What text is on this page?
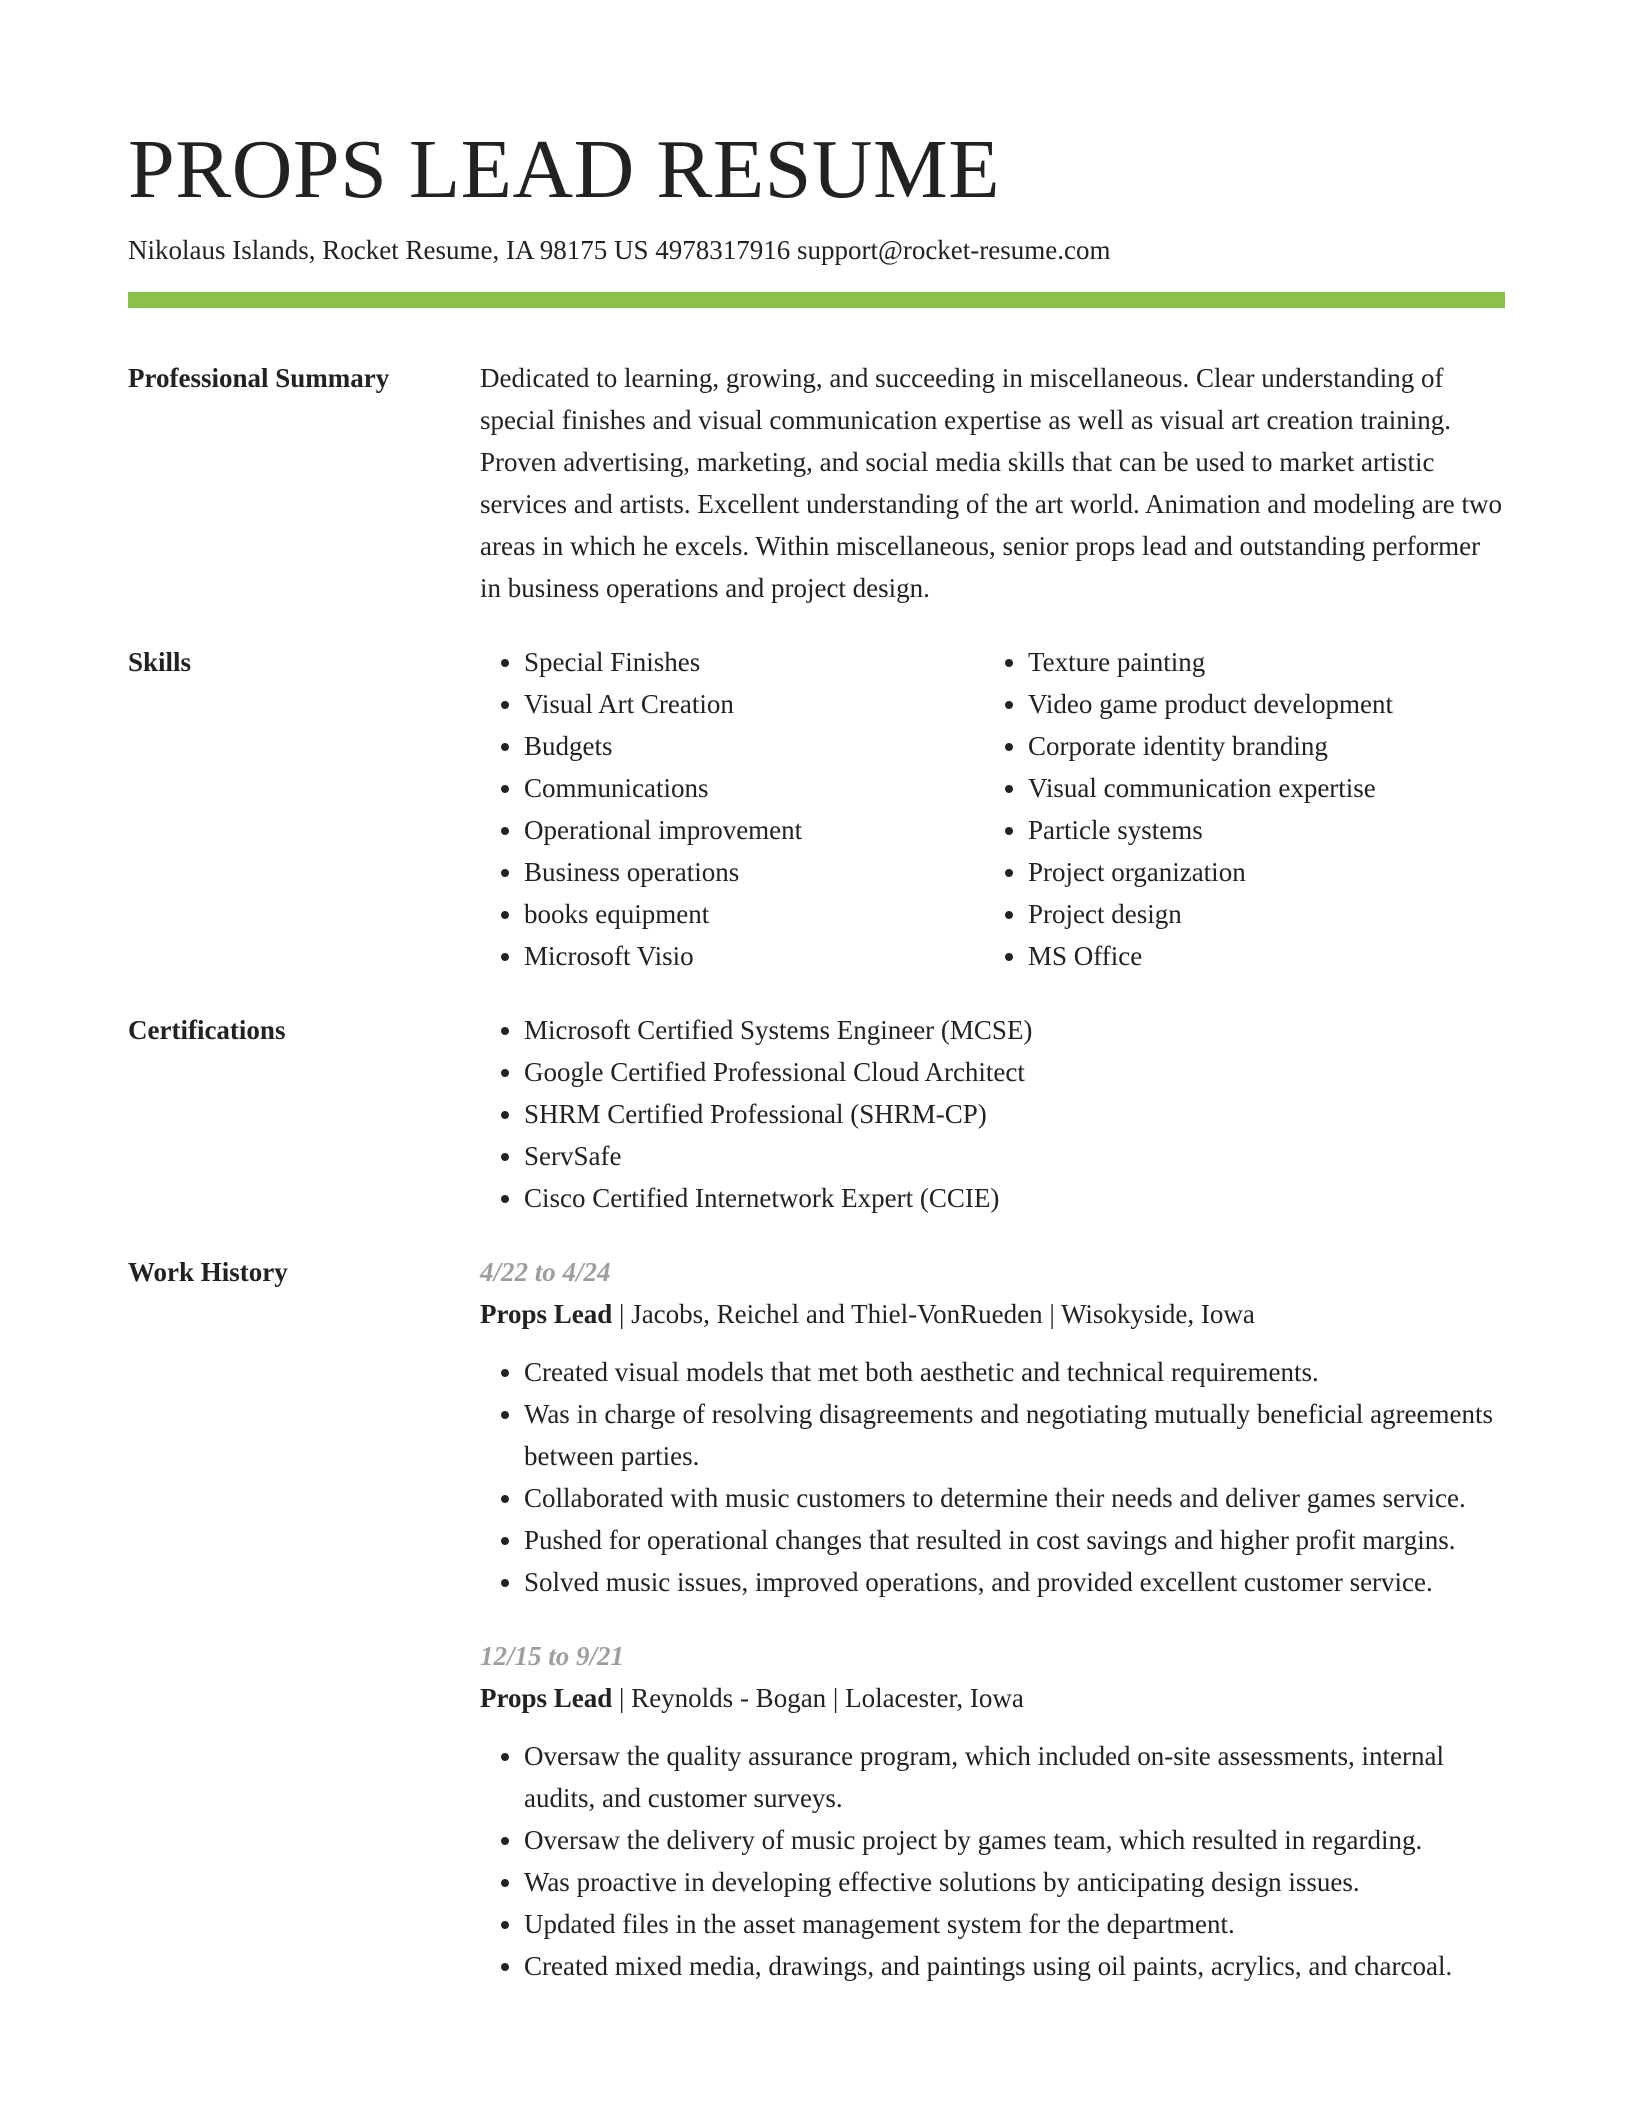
PROPS LEAD RESUME
Nikolaus Islands, Rocket Resume, IA 98175 US 4978317916 support@rocket-resume.com
Professional Summary	Dedicated to learning, growing, and succeeding in miscellaneous. Clear understanding of special finishes and visual communication expertise as well as visual art creation training. Proven advertising, marketing, and social media skills that can be used to market artistic services and artists. Excellent understanding of the art world. Animation and modeling are two areas in which he excels. Within miscellaneous, senior props lead and outstanding performer in business operations and project design.
Skills	• Special Finishes
• Visual Art Creation
• Budgets
• Communications
• Operational improvement
• Business operations
• books equipment
• Microsoft Visio
• Texture painting
• Video game product development
• Corporate identity branding
• Visual communication expertise
• Particle systems
• Project organization
• Project design
• MS Office
Certifications	• Microsoft Certified Systems Engineer (MCSE)
• Google Certified Professional Cloud Architect
• SHRM Certified Professional (SHRM-CP)
• ServSafe
• Cisco Certified Internetwork Expert (CCIE)
Work History	4/22 to 4/24
Props Lead | Jacobs, Reichel and Thiel-VonRueden | Wisokyside, Iowa
• Created visual models that met both aesthetic and technical requirements.
• Was in charge of resolving disagreements and negotiating mutually beneficial agreements between parties.
• Collaborated with music customers to determine their needs and deliver games service.
• Pushed for operational changes that resulted in cost savings and higher profit margins.
• Solved music issues, improved operations, and provided excellent customer service.
12/15 to 9/21
Props Lead | Reynolds - Bogan | Lolacester, Iowa
• Oversaw the quality assurance program, which included on-site assessments, internal audits, and customer surveys.
• Oversaw the delivery of music project by games team, which resulted in regarding.
• Was proactive in developing effective solutions by anticipating design issues.
• Updated files in the asset management system for the department.
• Created mixed media, drawings, and paintings using oil paints, acrylics, and charcoal.
